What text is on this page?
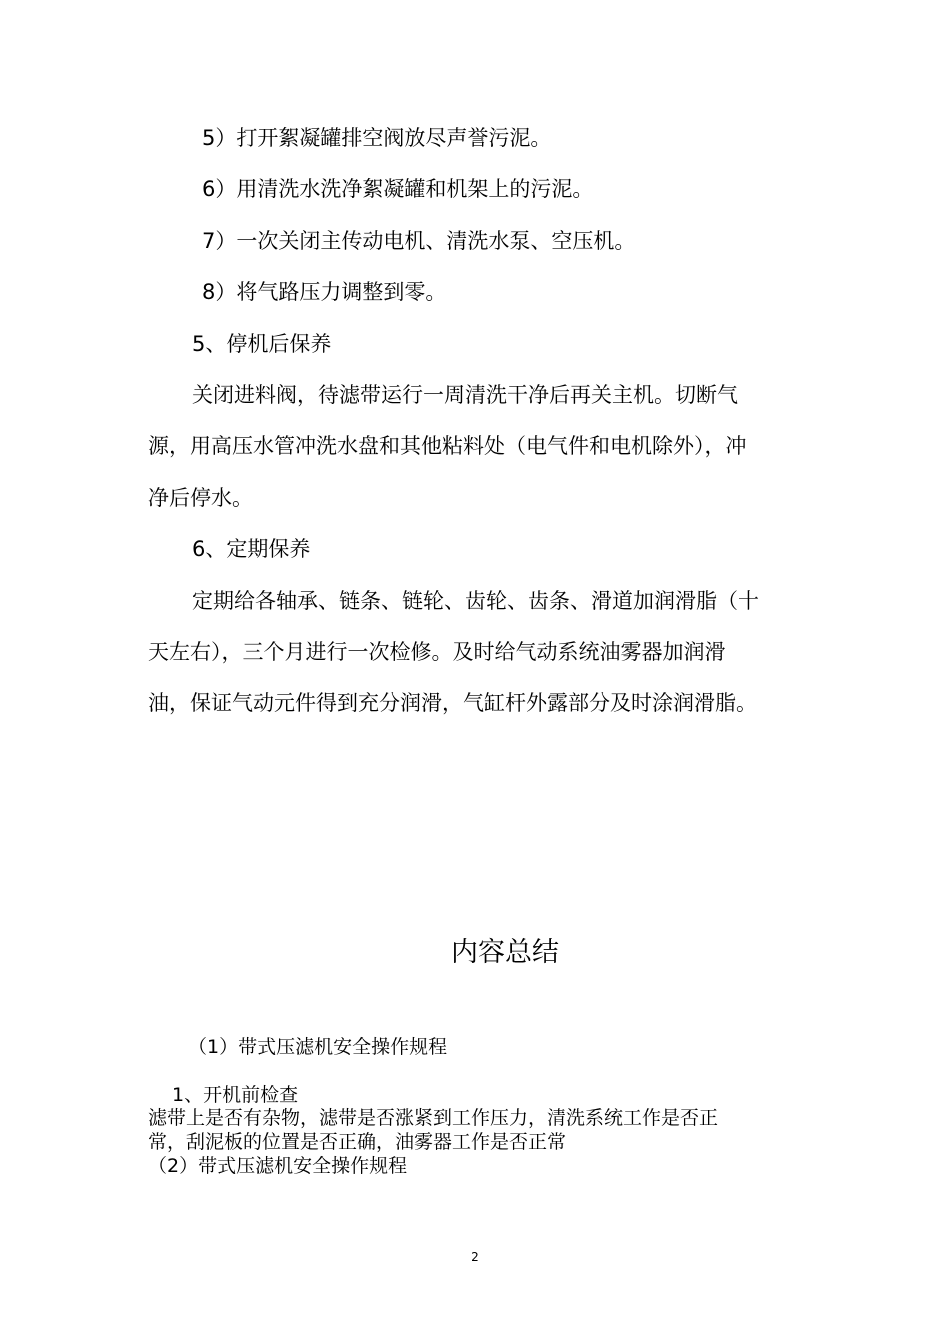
5）打开絮凝罐排空阀放尽声誉污泥。
6）用清洗水洗净絮凝罐和机架上的污泥。
7）一次关闭主传动电机、清洗水泵、空压机。
8）将气路压力调整到零。
5、停机后保养
关闭进料阀，待滤带运行一周清洗干净后再关主机。切断气
源，用高压水管冲洗水盘和其他粘料处（电气件和电机除外），冲
净后停水。
6、定期保养
定期给各轴承、链条、链轮、齿轮、齿条、滑道加润滑脂（十
天左右），三个月进行一次检修。及时给气动系统油雾器加润滑
油，保证气动元件得到充分润滑，气缸杆外露部分及时涂润滑脂。
内容总结
（1）带式压滤机安全操作规程
1、开机前检查
滤带上是否有杂物，滤带是否涨紧到工作压力，清洗系统工作是否正
常，刮泥板的位置是否正确，油雾器工作是否正常
（2）带式压滤机安全操作规程
2
